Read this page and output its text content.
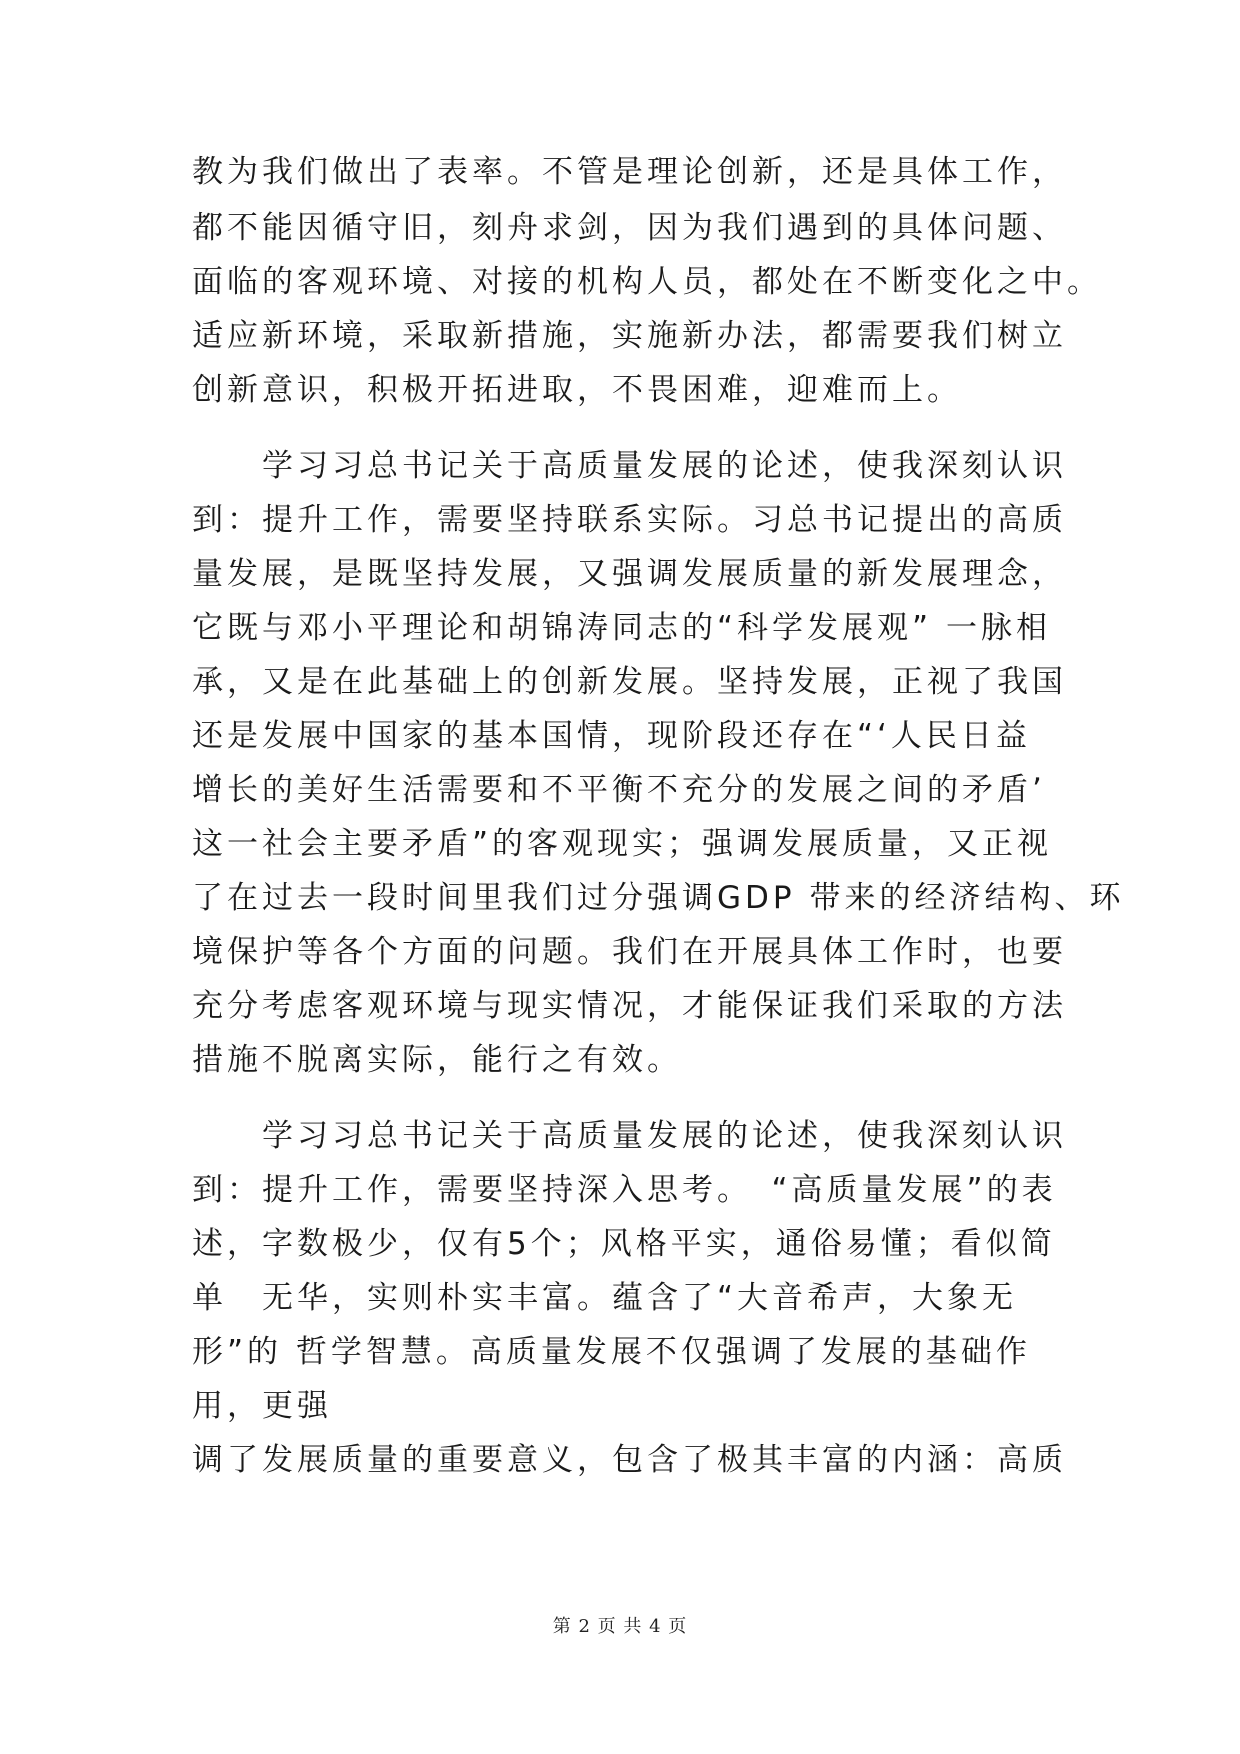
教为我们做出了表率。不管是理论创新，还是具体工作，
都不能因循守旧，刻舟求剑，因为我们遇到的具体问题、
面临的客观环境、对接的机构人员，都处在不断变化之中。
适应新环境，采取新措施，实施新办法，都需要我们树立
创新意识，积极开拓进取，不畏困难，迎难而上。
　　学习习总书记关于高质量发展的论述，使我深刻认识
到：提升工作，需要坚持联系实际。习总书记提出的高质
量发展，是既坚持发展，又强调发展质量的新发展理念，
它既与邓小平理论和胡锦涛同志的“科学发展观” 一脉相
承，又是在此基础上的创新发展。坚持发展，正视了我国
还是发展中国家的基本国情，现阶段还存在“‘人民日益
增长的美好生活需要和不平衡不充分的发展之间的矛盾’
这一社会主要矛盾”的客观现实；强调发展质量，又正视
了在过去一段时间里我们过分强调GDP 带来的经济结构、环
境保护等各个方面的问题。我们在开展具体工作时，也要
充分考虑客观环境与现实情况，才能保证我们采取的方法
措施不脱离实际，能行之有效。
　　学习习总书记关于高质量发展的论述，使我深刻认识
到：提升工作，需要坚持深入思考。　“高质量发展”的表
述，字数极少，仅有5个；风格平实，通俗易懂；看似简
单　无华，实则朴实丰富。蕴含了“大音希声，大象无
形”的 哲学智慧。高质量发展不仅强调了发展的基础作
用，更强
调了发展质量的重要意义，包含了极其丰富的内涵：高质
第 2 页 共 4 页
